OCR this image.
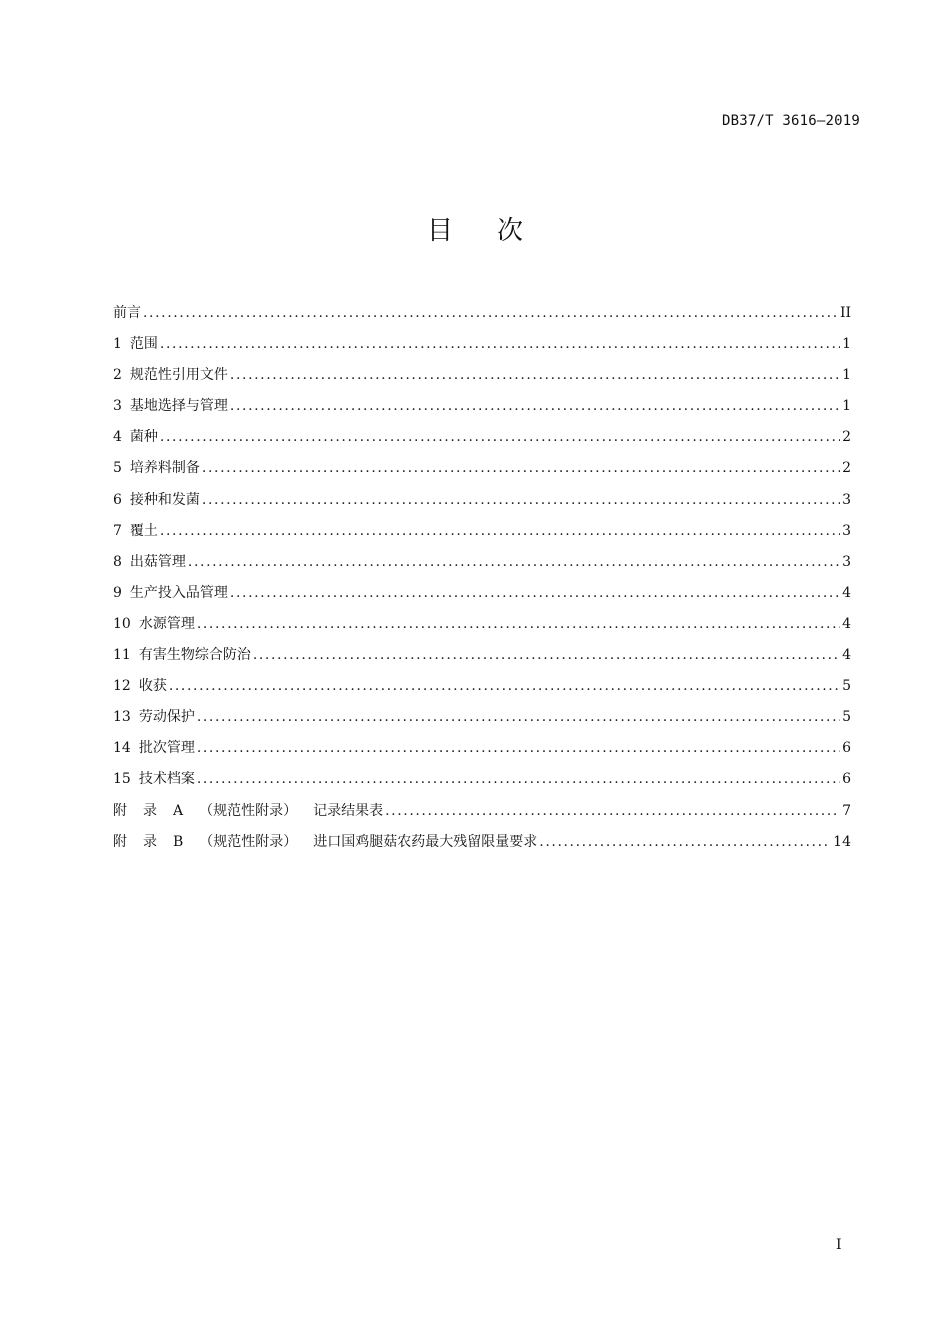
DB37/T 3616—2019
目 次
前言 .....	II
1 范围 .....	1
2 规范性引用文件 .....	1
3 基地选择与管理 .....	1
4 菌种 .....	2
5 培养料制备 .....	2
6 接种和发菌 .....	3
7 覆土 .....	3
8 出菇管理 .....	3
9 生产投入品管理 .....	4
10 水源管理 .....	4
11 有害生物综合防治 .....	4
12 收获 .....	5
13 劳动保护 .....	5
14 批次管理 .....	6
15 技术档案 .....	6
附 录 A （规范性附录） 记录结果表 .....	7
附 录 B （规范性附录） 进口国鸡腿菇农药最大残留限量要求 .....	14
I
